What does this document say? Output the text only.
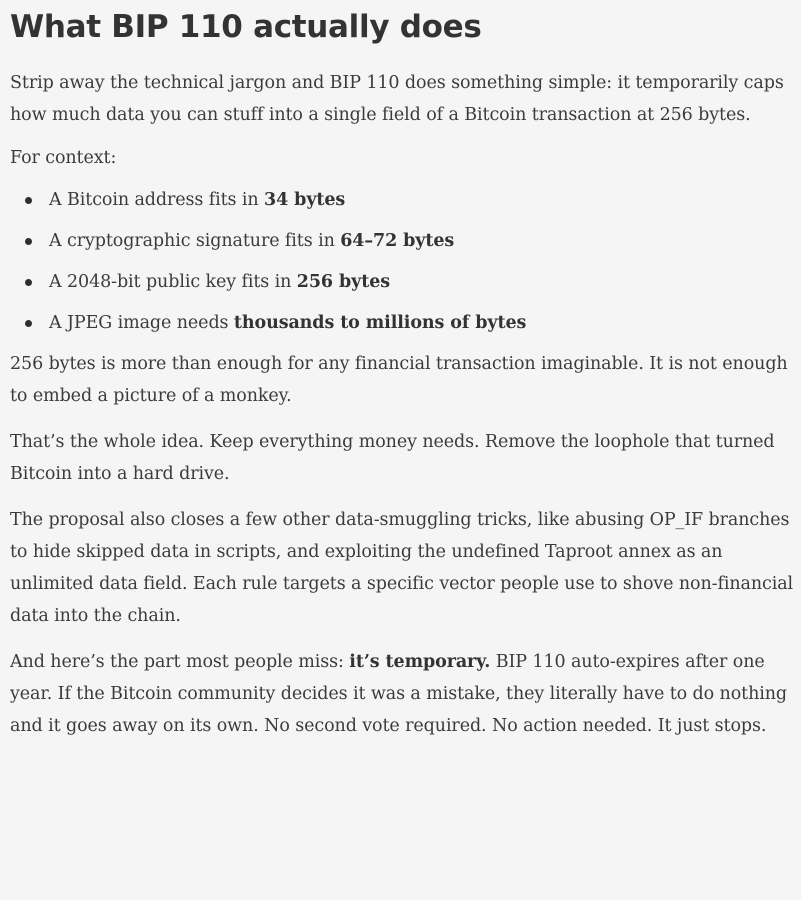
What BIP 110 actually does

Strip away the technical jargon and BIP 110 does something simple: it temporarily caps how much data you can stuff into a single field of a Bitcoin transaction at 256 bytes.

For context:

A Bitcoin address fits in 34 bytes
A cryptographic signature fits in 64–72 bytes
A 2048-bit public key fits in 256 bytes
A JPEG image needs thousands to millions of bytes

256 bytes is more than enough for any financial transaction imaginable. It is not enough to embed a picture of a monkey.

That’s the whole idea. Keep everything money needs. Remove the loophole that turned Bitcoin into a hard drive.

The proposal also closes a few other data-smuggling tricks, like abusing OP_IF branches to hide skipped data in scripts, and exploiting the undefined Taproot annex as an unlimited data field. Each rule targets a specific vector people use to shove non-financial data into the chain.

And here’s the part most people miss: it’s temporary. BIP 110 auto-expires after one year. If the Bitcoin community decides it was a mistake, they literally have to do nothing and it goes away on its own. No second vote required. No action needed. It just stops.
